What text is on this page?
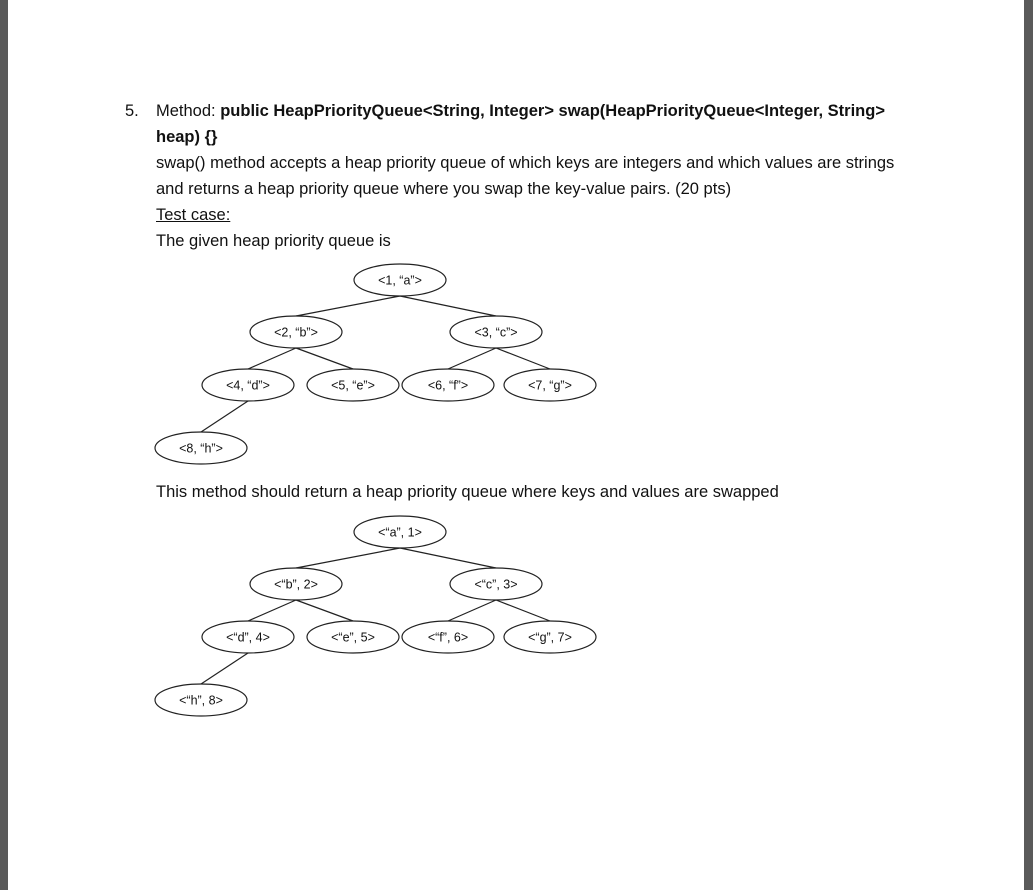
5. Method: public HeapPriorityQueue<String, Integer> swap(HeapPriorityQueue<Integer, String>
heap) {}
swap() method accepts a heap priority queue of which keys are integers and which values are strings
and returns a heap priority queue where you swap the key-value pairs. (20 pts)
Test case:
The given heap priority queue is
<1, “a”>
<2, “b”>	<3, “c”>
<4, “d”>	<5, “e”>	<6, “f”>	<7, “g”>
<8, “h”>
This method should return a heap priority queue where keys and values are swapped
<“a”, 1>
<“b”, 2>	<“c”, 3>
<“d”, 4>	<“e”, 5>	<“f”, 6>	<“g”, 7>
<“h”, 8>
